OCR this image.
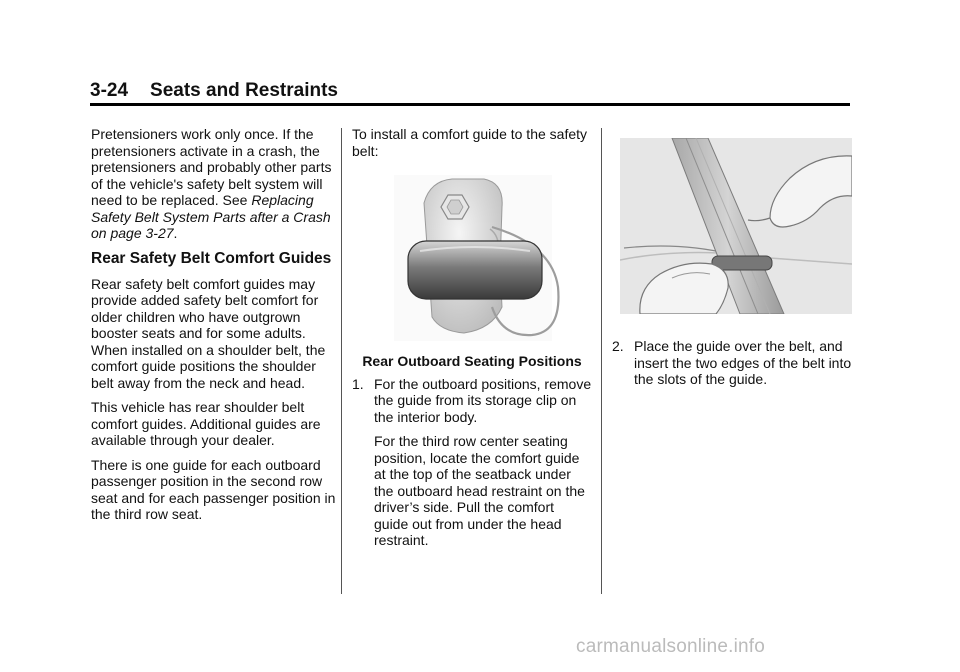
3-24 Seats and Restraints

Pretensioners work only once. If the pretensioners activate in a crash, the pretensioners and probably other parts of the vehicle's safety belt system will need to be replaced. See Replacing Safety Belt System Parts after a Crash on page 3-27.

Rear Safety Belt Comfort Guides

Rear safety belt comfort guides may provide added safety belt comfort for older children who have outgrown booster seats and for some adults. When installed on a shoulder belt, the comfort guide positions the shoulder belt away from the neck and head.

This vehicle has rear shoulder belt comfort guides. Additional guides are available through your dealer.

There is one guide for each outboard passenger position in the second row seat and for each passenger position in the third row seat.

To install a comfort guide to the safety belt:

Rear Outboard Seating Positions
1. For the outboard positions, remove the guide from its storage clip on the interior body.

For the third row center seating position, locate the comfort guide at the top of the seatback under the outboard head restraint on the driver’s side. Pull the comfort guide out from under the head restraint.

2. Place the guide over the belt, and insert the two edges of the belt into the slots of the guide.

carmanualsonline.info
